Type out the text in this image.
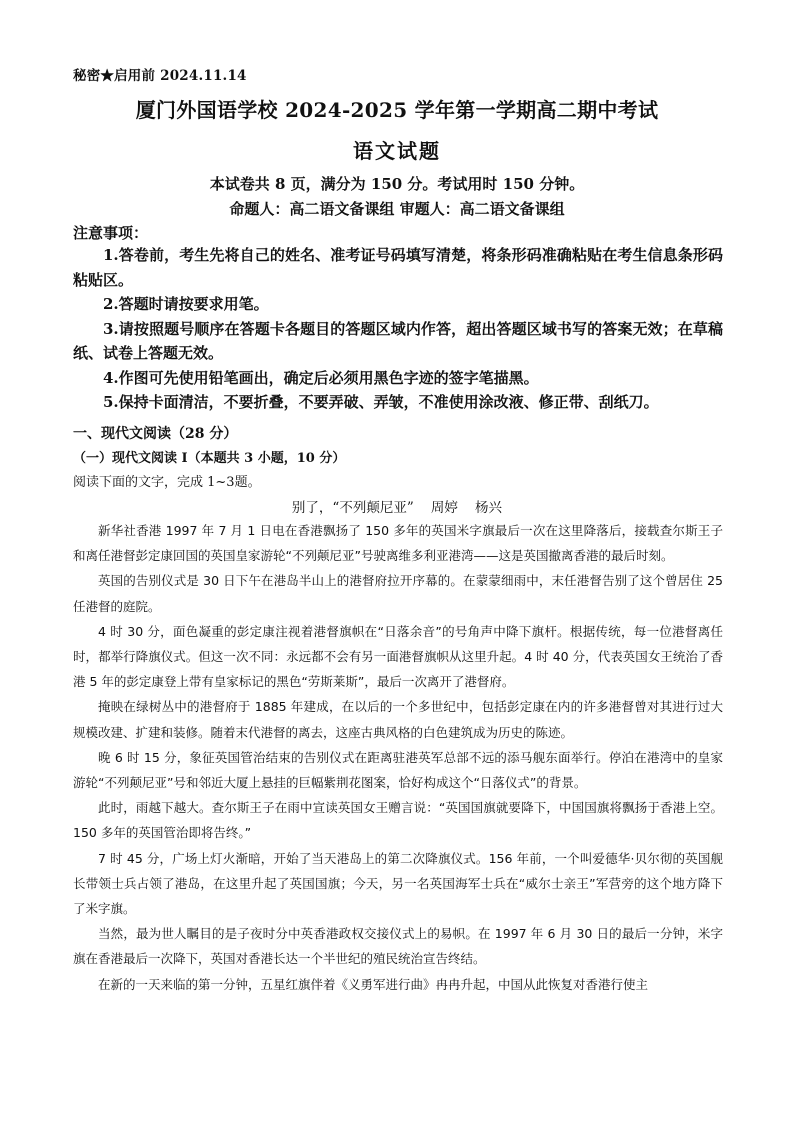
秘密★启用前 2024.11.14
厦门外国语学校 2024-2025 学年第一学期高二期中考试
语文试题
本试卷共 8 页，满分为 150 分。考试用时 150 分钟。
命题人：高二语文备课组 审题人：高二语文备课组
注意事项：
1.答卷前，考生先将自己的姓名、准考证号码填写清楚，将条形码准确粘贴在考生信息条形码粘贴区。
2.答题时请按要求用笔。
3.请按照题号顺序在答题卡各题目的答题区域内作答，超出答题区域书写的答案无效；在草稿纸、试卷上答题无效。
4.作图可先使用铅笔画出，确定后必须用黑色字迹的签字笔描黑。
5.保持卡面清洁，不要折叠，不要弄破、弄皱，不准使用涂改液、修正带、刮纸刀。
一、现代文阅读（28 分）
（一）现代文阅读 I（本题共 3 小题，10 分）
阅读下面的文字，完成 1~3题。
别了，“不列颠尼亚”    周婷    杨兴

新华社香港 1997 年 7 月 1 日电在香港飘扬了 150 多年的英国米字旗最后一次在这里降落后，接载查尔斯王子和离任港督彭定康回国的英国皇家游轮“不列颠尼亚”号驶离维多利亚港湾——这是英国撤离香港的最后时刻。

英国的告别仪式是 30 日下午在港岛半山上的港督府拉开序幕的。在蒙蒙细雨中，末任港督告别了这个曾居住 25 任港督的庭院。

4 时 30 分，面色凝重的彭定康注视着港督旗帜在“日落余音”的号角声中降下旗杆。根据传统，每一位港督离任时，都举行降旗仪式。但这一次不同：永远都不会有另一面港督旗帜从这里升起。4 时 40 分，代表英国女王统治了香港 5 年的彭定康登上带有皇家标记的黑色“劳斯莱斯”，最后一次离开了港督府。

掩映在绿树丛中的港督府于 1885 年建成，在以后的一个多世纪中，包括彭定康在内的许多港督曾对其进行过大规模改建、扩建和装修。随着末代港督的离去，这座古典风格的白色建筑成为历史的陈迹。

晚 6 时 15 分，象征英国管治结束的告别仪式在距离驻港英军总部不远的添马舰东面举行。停泊在港湾中的皇家游轮“不列颠尼亚”号和邻近大厦上悬挂的巨幅紫荆花图案，恰好构成这个“日落仪式”的背景。

此时，雨越下越大。查尔斯王子在雨中宣读英国女王赠言说：“英国国旗就要降下，中国国旗将飘扬于香港上空。150 多年的英国管治即将告终。”

7 时 45 分，广场上灯火渐暗，开始了当天港岛上的第二次降旗仪式。156 年前，一个叫爱德华·贝尔彻的英国舰长带领士兵占领了港岛，在这里升起了英国国旗；今天，另一名英国海军士兵在“威尔士亲王”军营旁的这个地方降下了米字旗。

当然，最为世人瞩目的是子夜时分中英香港政权交接仪式上的易帜。在 1997 年 6 月 30 日的最后一分钟，米字旗在香港最后一次降下，英国对香港长达一个半世纪的殖民统治宣告终结。

在新的一天来临的第一分钟，五星红旗伴着《义勇军进行曲》冉冉升起，中国从此恢复对香港行使主
